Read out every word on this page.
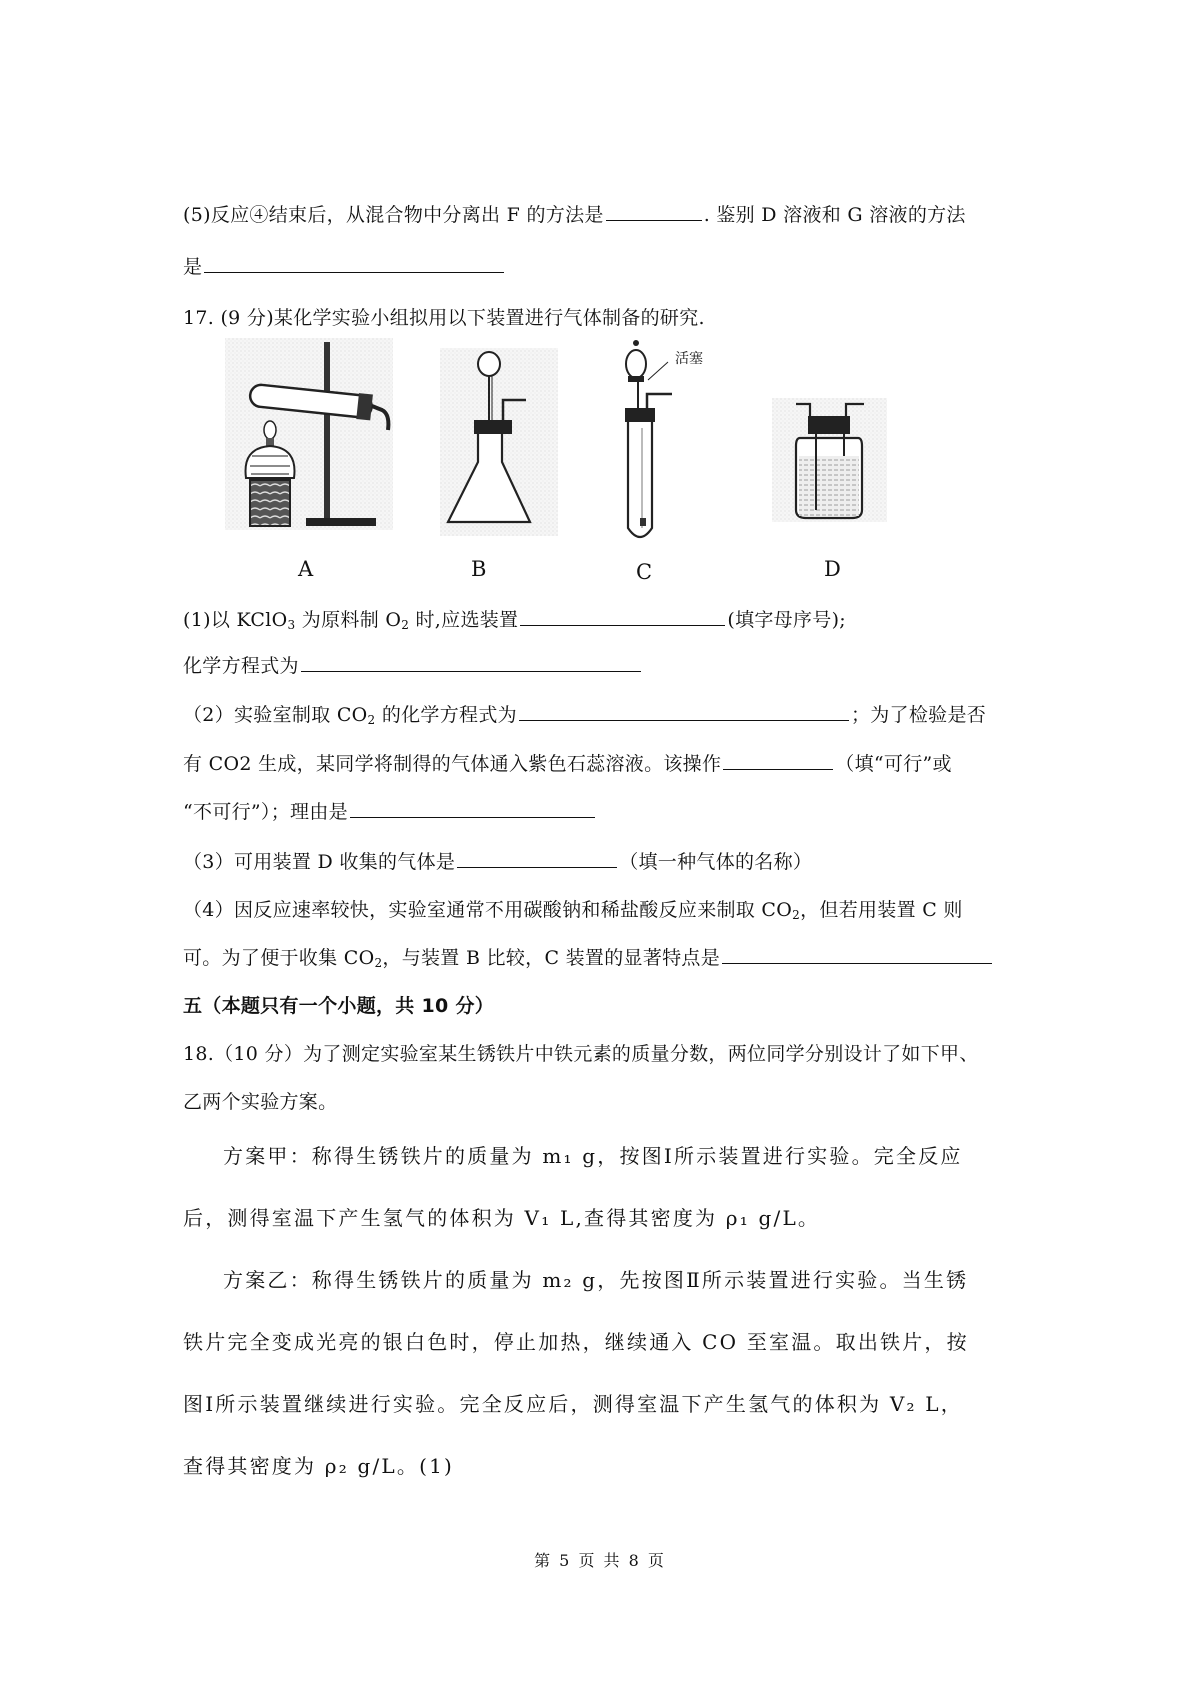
(5)反应④结束后，从混合物中分离出 F 的方法是	. 鉴别 D 溶液和 G 溶液的方法
是
17. (9 分)某化学实验小组拟用以下装置进行气体制备的研究.
活塞
A	B	C	D
(1)以 KClO$_3$ 为原料制 $O_2$ 时,应选装置	(填字母序号);
化学方程式为
（2）实验室制取 $CO_2$ 的化学方程式为	；为了检验是否
有 CO2 生成，某同学将制得的气体通入紫色石蕊溶液。该操作	（填“可行”或
“不可行”）；理由是
（3）可用装置 D 收集的气体是	（填一种气体的名称）
（4）因反应速率较快，实验室通常不用碳酸钠和稀盐酸反应来制取 $CO_2$，但若用装置 C 则
可。为了便于收集 $CO_2$，与装置 B 比较，C 装置的显著特点是
五（本题只有一个小题，共 10 分）
18.（10 分）为了测定实验室某生锈铁片中铁元素的质量分数，两位同学分别设计了如下甲、
乙两个实验方案。
方案甲：称得生锈铁片的质量为 m₁ g，按图Ⅰ所示装置进行实验。完全反应
后，测得室温下产生氢气的体积为 V₁ L,查得其密度为 ρ₁ g/L。
方案乙：称得生锈铁片的质量为 m₂ g，先按图Ⅱ所示装置进行实验。当生锈
铁片完全变成光亮的银白色时，停止加热，继续通入 CO 至室温。取出铁片，按
图Ⅰ所示装置继续进行实验。完全反应后，测得室温下产生氢气的体积为 V₂ L，
查得其密度为 ρ₂ g/L。(1)
第 5 页 共 8 页
